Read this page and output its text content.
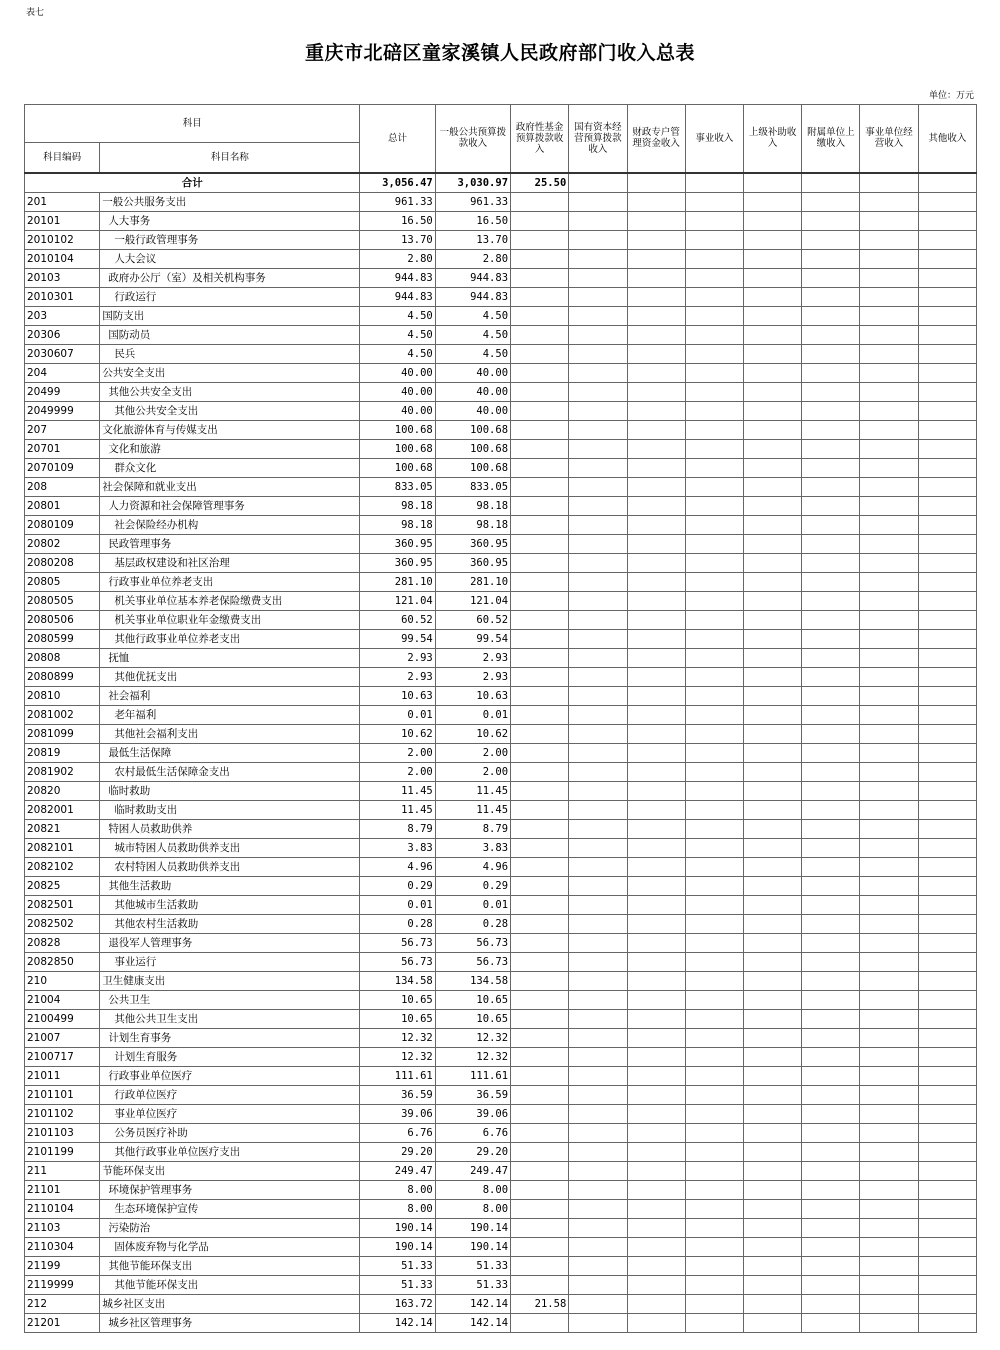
表七
重庆市北碚区童家溪镇人民政府部门收入总表
单位：万元
科目		总计	一般公共预算拨款收入	政府性基金预算拨款收入	国有资本经营预算拨款收入	财政专户管理资金收入	事业收入	上级补助收入	附属单位上缴收入	事业单位经营收入	其他收入
科目编码	科目名称										
合计		3,056.47	3,030.97	25.50							
201	一般公共服务支出	961.33	961.33								
20101	人大事务	16.50	16.50								
2010102	一般行政管理事务	13.70	13.70								
2010104	人大会议	2.80	2.80								
20103	政府办公厅（室）及相关机构事务	944.83	944.83								
2010301	行政运行	944.83	944.83								
203	国防支出	4.50	4.50								
20306	国防动员	4.50	4.50								
2030607	民兵	4.50	4.50								
204	公共安全支出	40.00	40.00								
20499	其他公共安全支出	40.00	40.00								
2049999	其他公共安全支出	40.00	40.00								
207	文化旅游体育与传媒支出	100.68	100.68								
20701	文化和旅游	100.68	100.68								
2070109	群众文化	100.68	100.68								
208	社会保障和就业支出	833.05	833.05								
20801	人力资源和社会保障管理事务	98.18	98.18								
2080109	社会保险经办机构	98.18	98.18								
20802	民政管理事务	360.95	360.95								
2080208	基层政权建设和社区治理	360.95	360.95								
20805	行政事业单位养老支出	281.10	281.10								
2080505	机关事业单位基本养老保险缴费支出	121.04	121.04								
2080506	机关事业单位职业年金缴费支出	60.52	60.52								
2080599	其他行政事业单位养老支出	99.54	99.54								
20808	抚恤	2.93	2.93								
2080899	其他优抚支出	2.93	2.93								
20810	社会福利	10.63	10.63								
2081002	老年福利	0.01	0.01								
2081099	其他社会福利支出	10.62	10.62								
20819	最低生活保障	2.00	2.00								
2081902	农村最低生活保障金支出	2.00	2.00								
20820	临时救助	11.45	11.45								
2082001	临时救助支出	11.45	11.45								
20821	特困人员救助供养	8.79	8.79								
2082101	城市特困人员救助供养支出	3.83	3.83								
2082102	农村特困人员救助供养支出	4.96	4.96								
20825	其他生活救助	0.29	0.29								
2082501	其他城市生活救助	0.01	0.01								
2082502	其他农村生活救助	0.28	0.28								
20828	退役军人管理事务	56.73	56.73								
2082850	事业运行	56.73	56.73								
210	卫生健康支出	134.58	134.58								
21004	公共卫生	10.65	10.65								
2100499	其他公共卫生支出	10.65	10.65								
21007	计划生育事务	12.32	12.32								
2100717	计划生育服务	12.32	12.32								
21011	行政事业单位医疗	111.61	111.61								
2101101	行政单位医疗	36.59	36.59								
2101102	事业单位医疗	39.06	39.06								
2101103	公务员医疗补助	6.76	6.76								
2101199	其他行政事业单位医疗支出	29.20	29.20								
211	节能环保支出	249.47	249.47								
21101	环境保护管理事务	8.00	8.00								
2110104	生态环境保护宣传	8.00	8.00								
21103	污染防治	190.14	190.14								
2110304	固体废弃物与化学品	190.14	190.14								
21199	其他节能环保支出	51.33	51.33								
2119999	其他节能环保支出	51.33	51.33								
212	城乡社区支出	163.72	142.14	21.58							
21201	城乡社区管理事务	142.14	142.14								
